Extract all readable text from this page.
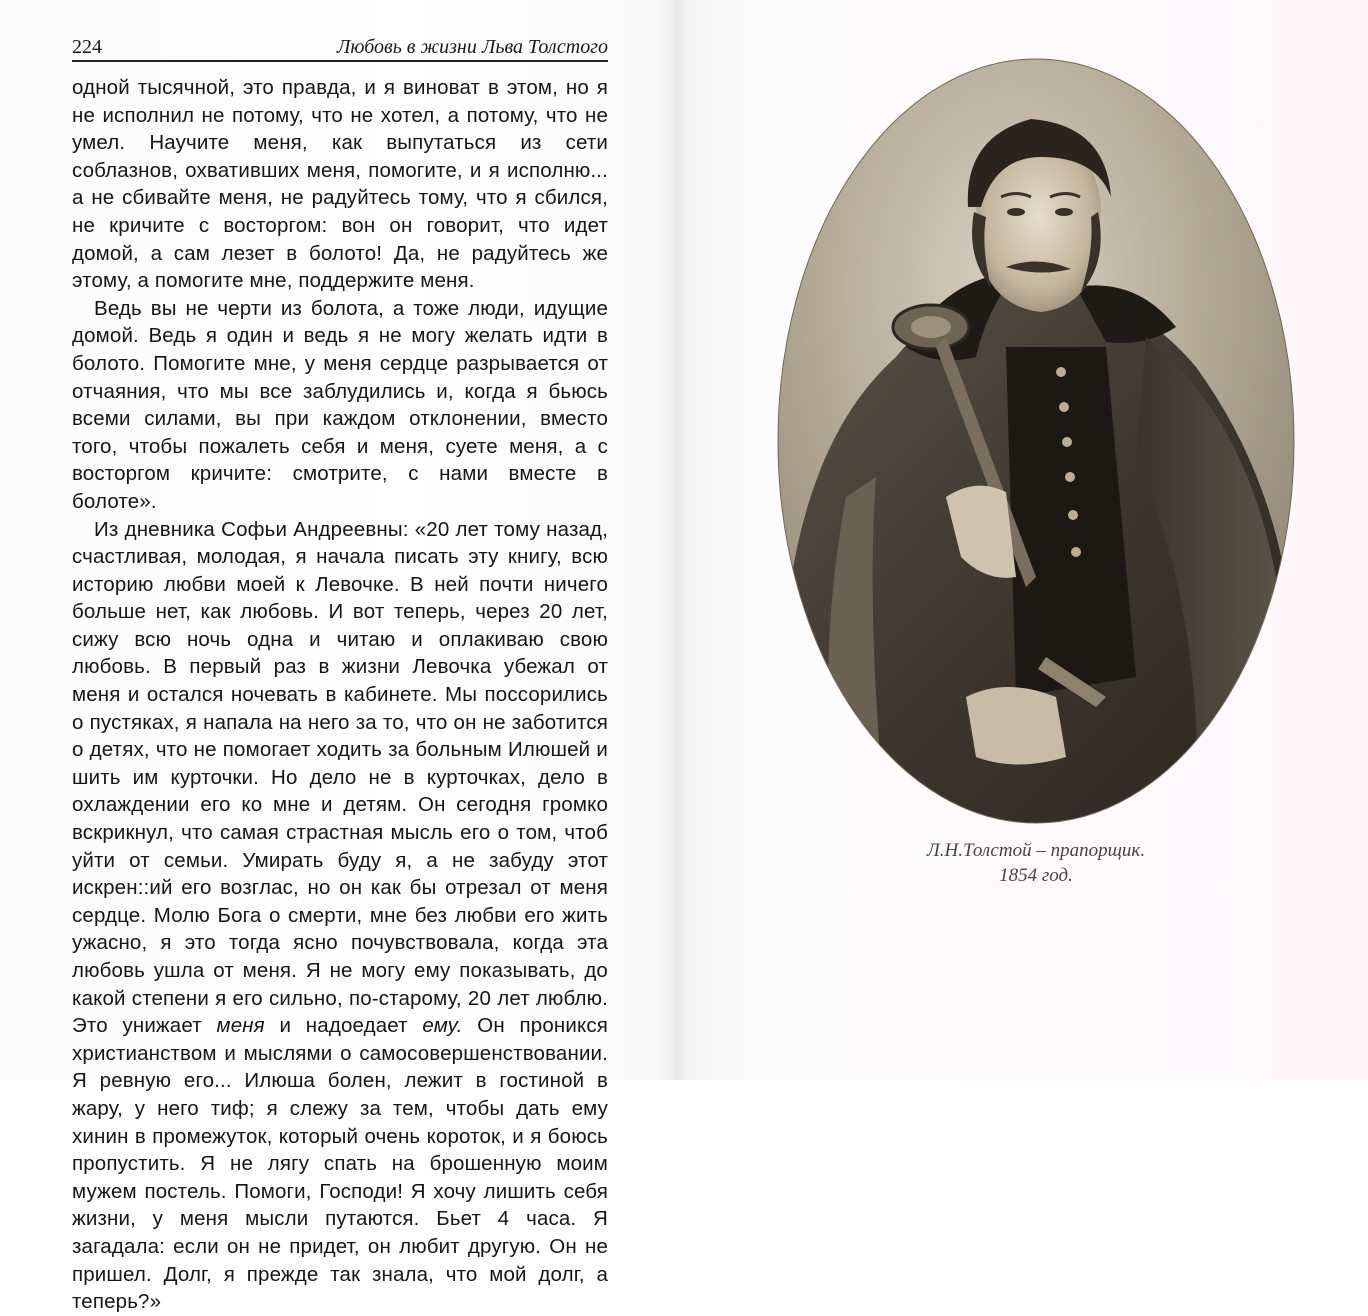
224	Любовь в жизни Льва Толстого

одной тысячной, это правда, и я виноват в этом, но я не исполнил не потому, что не хотел, а потому, что не умел. Научите меня, как выпутаться из сети соблазнов, охвативших меня, помогите, и я исполню... а не сбивайте меня, не радуйтесь тому, что я сбился, не кричите с восторгом: вон он говорит, что идет домой, а сам лезет в болото! Да, не радуйтесь же этому, а помогите мне, поддержите меня.

Ведь вы не черти из болота, а тоже люди, идущие домой. Ведь я один и ведь я не могу желать идти в болото. Помогите мне, у меня сердце разрывается от отчаяния, что мы все заблудились и, когда я бьюсь всеми силами, вы при каждом отклонении, вместо того, чтобы пожалеть себя и меня, суете меня, а с восторгом кричите: смотрите, с нами вместе в болоте».

Из дневника Софьи Андреевны: «20 лет тому назад, счастливая, молодая, я начала писать эту книгу, всю историю любви моей к Левочке. В ней почти ничего больше нет, как любовь. И вот теперь, через 20 лет, сижу всю ночь одна и читаю и оплакиваю свою любовь. В первый раз в жизни Левочка убежал от меня и остался ночевать в кабинете. Мы поссорились о пустяках, я напала на него за то, что он не заботится о детях, что не помогает ходить за больным Илюшей и шить им курточки. Но дело не в курточках, дело в охлаждении его ко мне и детям. Он сегодня громко вскрикнул, что самая страстная мысль его о том, чтоб уйти от семьи. Умирать буду я, а не забуду этот искрен::ий его возглас, но он как бы отрезал от меня сердце. Молю Бога о смерти, мне без любви его жить ужасно, я это тогда ясно почувствовала, когда эта любовь ушла от меня. Я не могу ему показывать, до какой степени я его сильно, по-старому, 20 лет люблю. Это унижает меня и надоедает ему. Он проникся христианством и мыслями о самосовершенствовании. Я ревную его... Илюша болен, лежит в гостиной в жару, у него тиф; я слежу за тем, чтобы дать ему хинин в промежуток, который очень короток, и я боюсь пропустить. Я не лягу спать на брошенную моим мужем постель. Помоги, Господи! Я хочу лишить себя жизни, у меня мысли путаются. Бьет 4 часа. Я загадала: если он не придет, он любит другую. Он не пришел. Долг, я прежде так знала, что мой долг, а теперь?»

Л.Н.Толстой – прапорщик.
1854 год.
